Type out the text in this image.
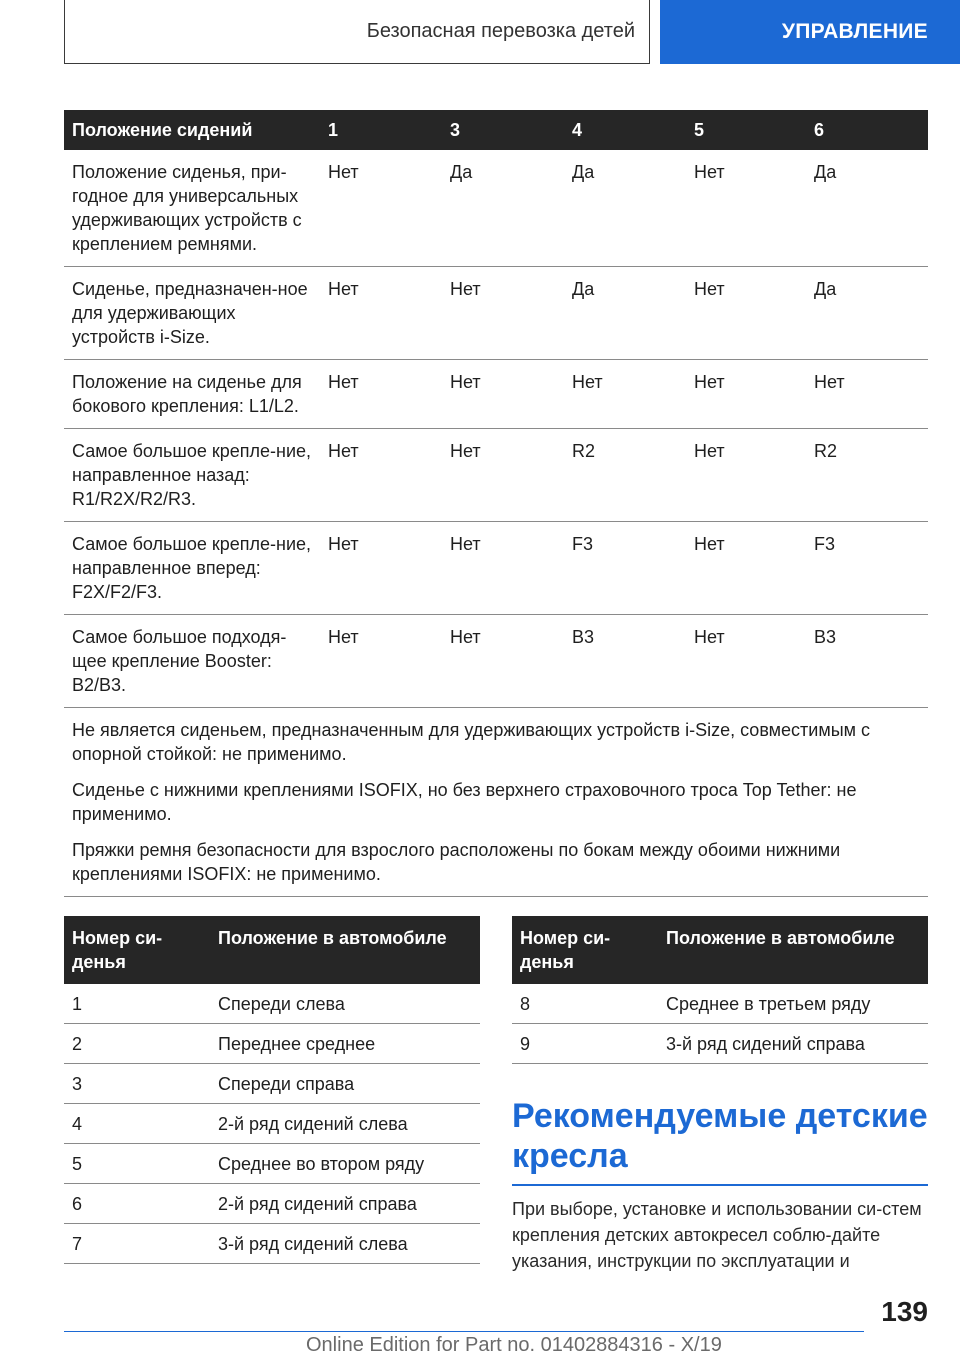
Безопасная перевозка детей	УПРАВЛЕНИЕ
Положение сидений	1	3	4	5	6
Положение сиденья, при-годное для универсальных удерживающих устройств с креплением ремнями.	Нет	Да	Да	Нет	Да
Сиденье, предназначен-ное для удерживающих устройств i-Size.	Нет	Нет	Да	Нет	Да
Положение на сиденье для бокового крепления: L1/L2.	Нет	Нет	Нет	Нет	Нет
Самое большое крепле-ние, направленное назад: R1/R2X/R2/R3.	Нет	Нет	R2	Нет	R2
Самое большое крепле-ние, направленное вперед: F2X/F2/F3.	Нет	Нет	F3	Нет	F3
Самое большое подходя-щее крепление Booster: B2/B3.	Нет	Нет	B3	Нет	B3

Не является сиденьем, предназначенным для удерживающих устройств i-Size, совместимым с опорной стойкой: не применимо.

Сиденье с нижними креплениями ISOFIX, но без верхнего страховочного троса Top Tether: не применимо.

Пряжки ремня безопасности для взрослого расположены по бокам между обоими нижними креплениями ISOFIX: не применимо.					

Номер си-денья	Положение в автомобиле
1	Спереди слева
2	Переднее среднее
3	Спереди справа
4	2-й ряд сидений слева
5	Среднее во втором ряду
6	2-й ряд сидений справа
7	3-й ряд сидений слева
Номер си-денья	Положение в автомобиле
8	Среднее в третьем ряду
9	3-й ряд сидений справа
Рекомендуемые детские кресла

При выборе, установке и использовании си-стем крепления детских автокресел соблю-дайте указания, инструкции по эксплуатации и

139
Online Edition for Part no. 01402884316 - X/19
